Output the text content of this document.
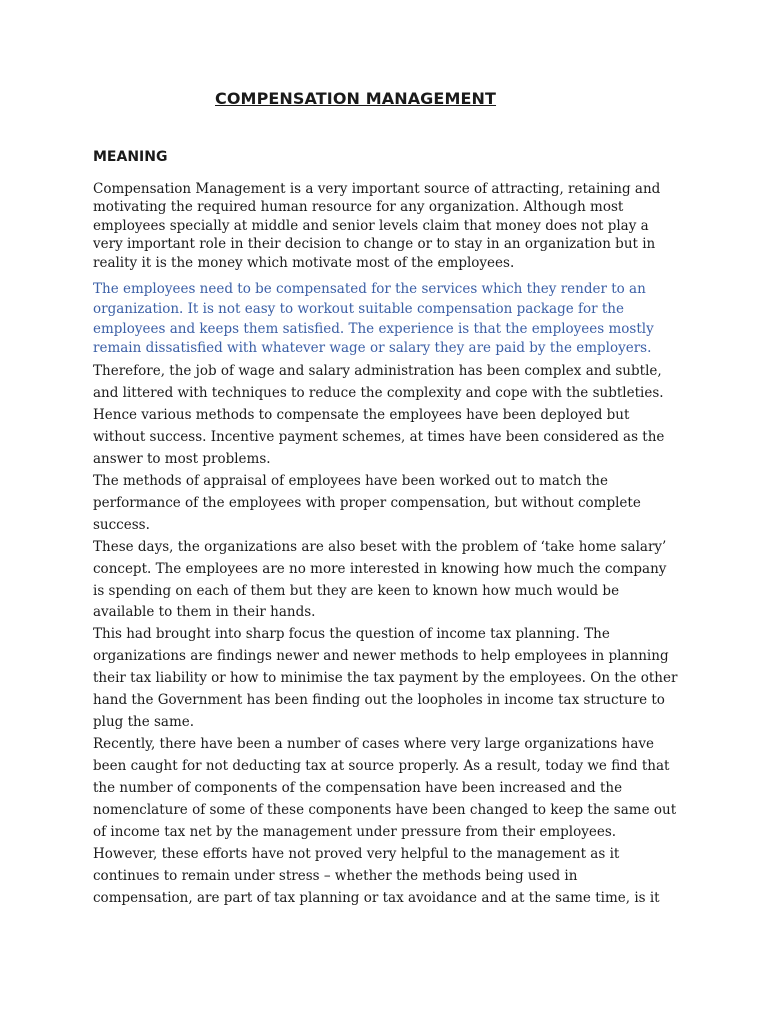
COMPENSATION MANAGEMENT
MEANING

Compensation Management is a very important source of attracting, retaining and motivating the required human resource for any organization. Although most employees specially at middle and senior levels claim that money does not play a very important role in their decision to change or to stay in an organization but in reality it is the money which motivate most of the employees.

The employees need to be compensated for the services which they render to an organization. It is not easy to workout suitable compensation package for the employees and keeps them satisfied. The experience is that the employees mostly remain dissatisfied with whatever wage or salary they are paid by the employers.

Therefore, the job of wage and salary administration has been complex and subtle, and littered with techniques to reduce the complexity and cope with the subtleties. Hence various methods to compensate the employees have been deployed but without success. Incentive payment schemes, at times have been considered as the answer to most problems.

The methods of appraisal of employees have been worked out to match the performance of the employees with proper compensation, but without complete success.

These days, the organizations are also beset with the problem of ‘take home salary’ concept. The employees are no more interested in knowing how much the company is spending on each of them but they are keen to known how much would be available to them in their hands.

This had brought into sharp focus the question of income tax planning. The organizations are findings newer and newer methods to help employees in planning their tax liability or how to minimise the tax payment by the employees. On the other hand the Government has been finding out the loopholes in income tax structure to plug the same.

Recently, there have been a number of cases where very large organizations have been caught for not deducting tax at source properly. As a result, today we find that the number of components of the compensation have been increased and the nomenclature of some of these components have been changed to keep the same out of income tax net by the management under pressure from their employees.

However, these efforts have not proved very helpful to the management as it continues to remain under stress – whether the methods being used in compensation, are part of tax planning or tax avoidance and at the same time, is it
